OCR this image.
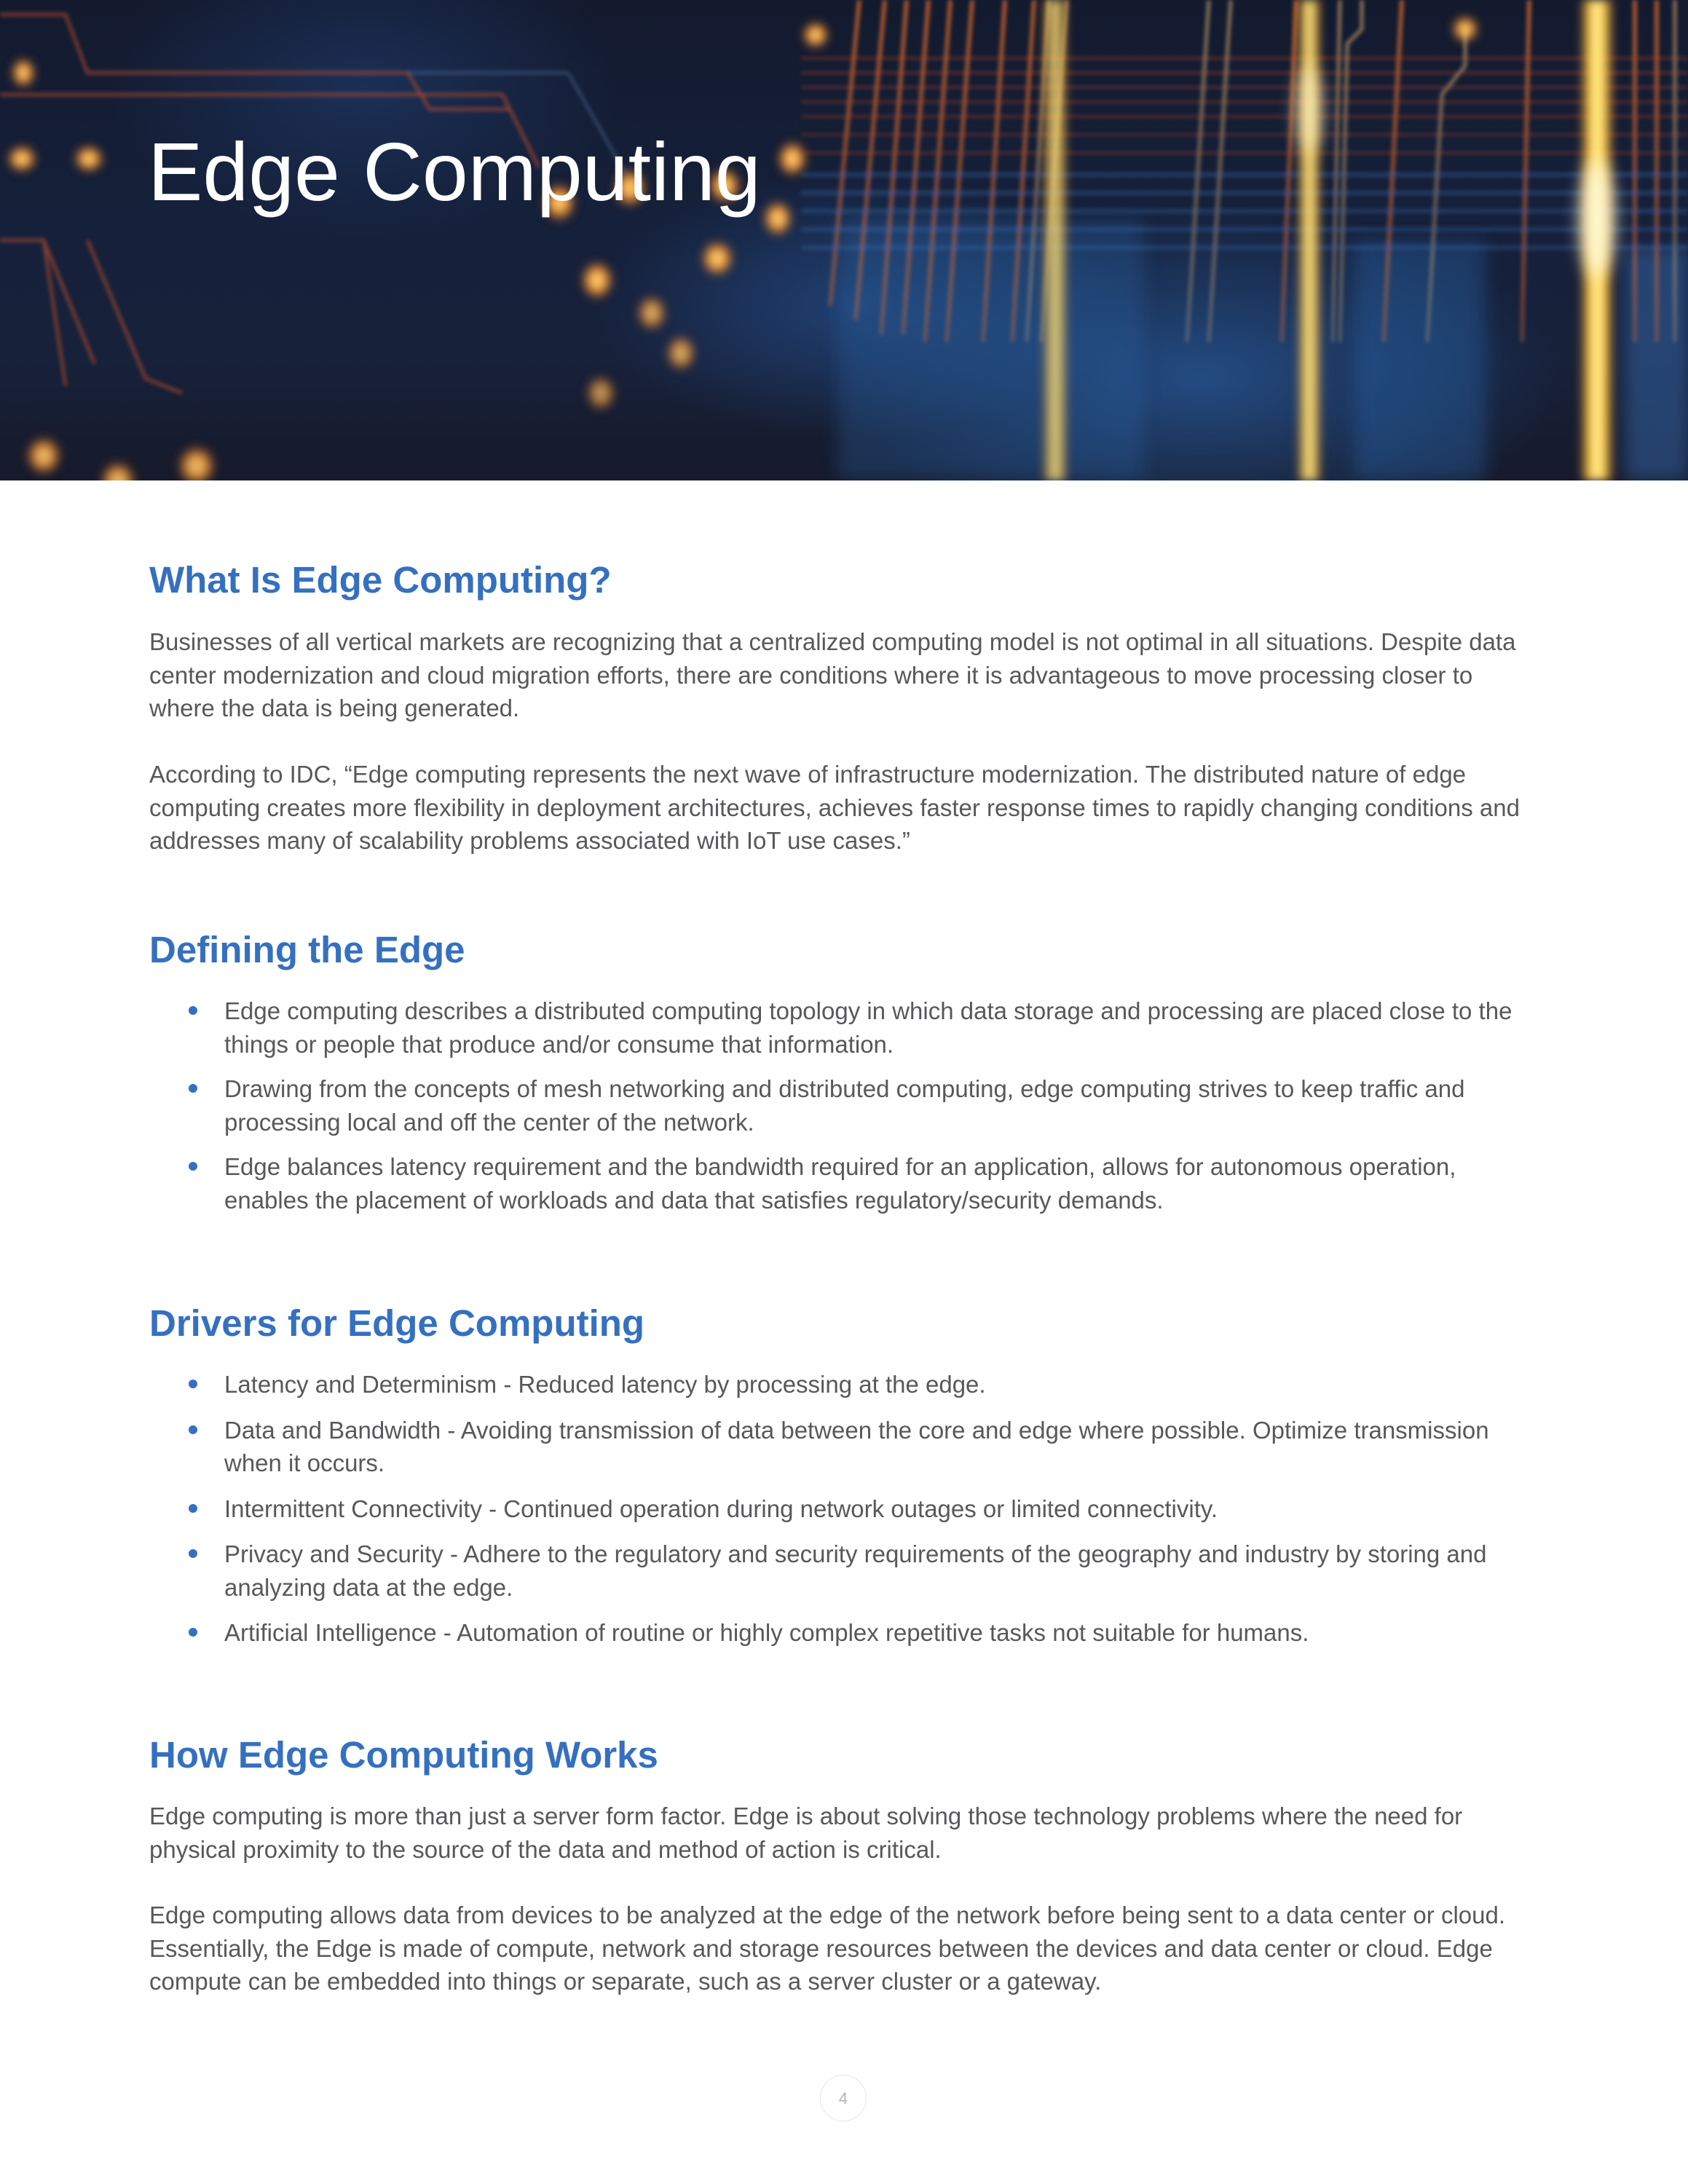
Edge Computing
What Is Edge Computing?

Businesses of all vertical markets are recognizing that a centralized computing model is not optimal in all situations. Despite data center modernization and cloud migration efforts, there are conditions where it is advantageous to move processing closer to where the data is being generated.

According to IDC, “Edge computing represents the next wave of infrastructure modernization. The distributed nature of edge computing creates more flexibility in deployment architectures, achieves faster response times to rapidly changing conditions and addresses many of scalability problems associated with IoT use cases.”

Defining the Edge
Edge computing describes a distributed computing topology in which data storage and processing are placed close to the things or people that produce and/or consume that information.
Drawing from the concepts of mesh networking and distributed computing, edge computing strives to keep traffic and processing local and off the center of the network.
Edge balances latency requirement and the bandwidth required for an application, allows for autonomous operation, enables the placement of workloads and data that satisfies regulatory/security demands.
Drivers for Edge Computing
Latency and Determinism - Reduced latency by processing at the edge.
Data and Bandwidth - Avoiding transmission of data between the core and edge where possible. Optimize transmission when it occurs.
Intermittent Connectivity - Continued operation during network outages or limited connectivity.
Privacy and Security - Adhere to the regulatory and security requirements of the geography and industry by storing and analyzing data at the edge.
Artificial Intelligence - Automation of routine or highly complex repetitive tasks not suitable for humans.
How Edge Computing Works

Edge computing is more than just a server form factor. Edge is about solving those technology problems where the need for physical proximity to the source of the data and method of action is critical.

Edge computing allows data from devices to be analyzed at the edge of the network before being sent to a data center or cloud. Essentially, the Edge is made of compute, network and storage resources between the devices and data center or cloud. Edge compute can be embedded into things or separate, such as a server cluster or a gateway.

4
